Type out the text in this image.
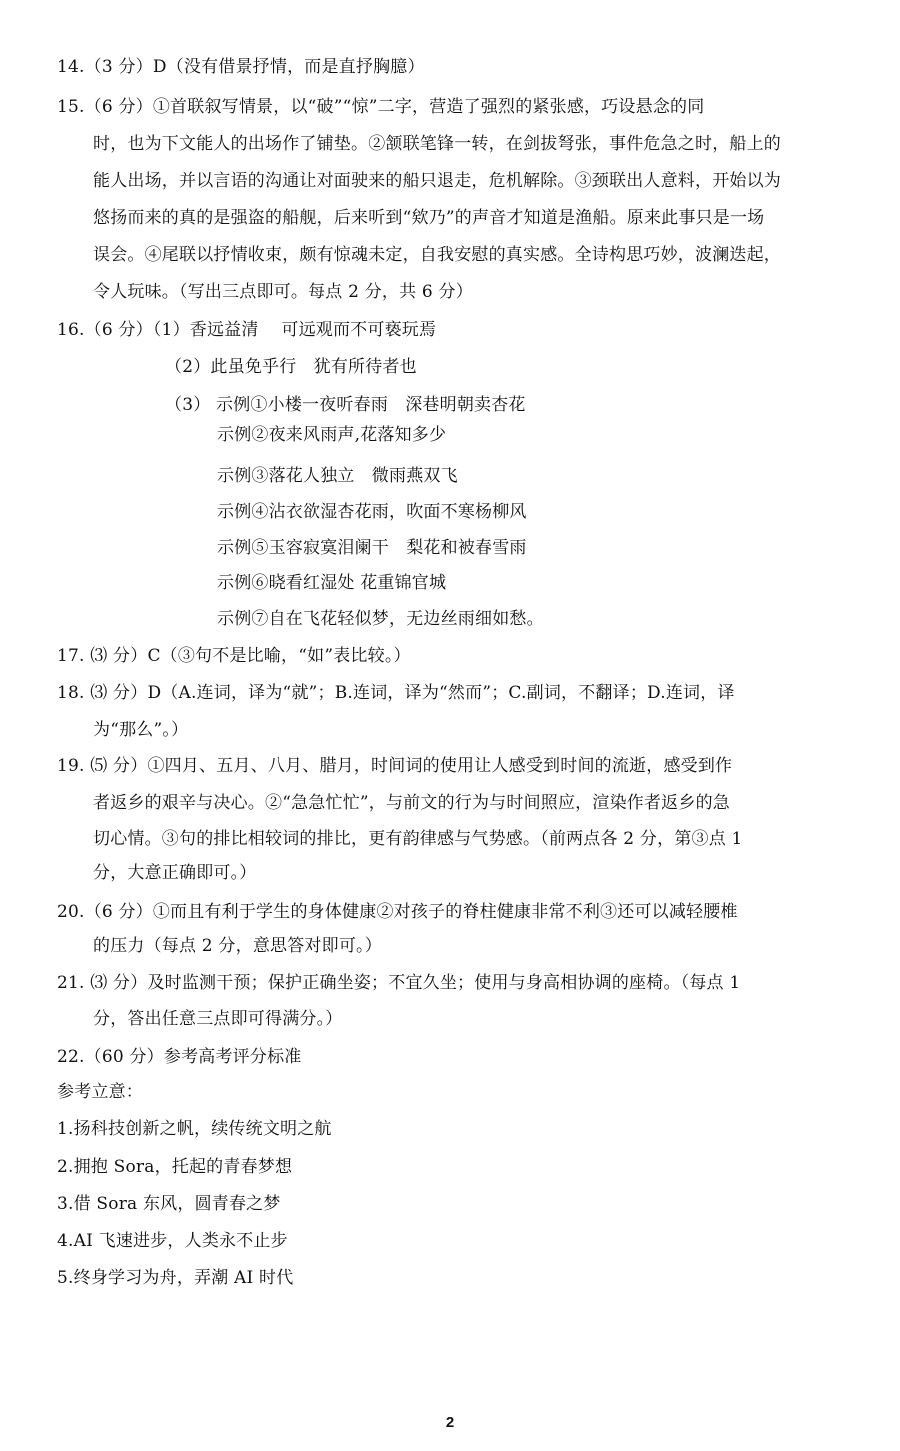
14.（3 分）D（没有借景抒情，而是直抒胸臆）
15.（6 分）①首联叙写情景，以“破”“惊”二字，营造了强烈的紧张感，巧设悬念的同
时，也为下文能人的出场作了铺垫。②颔联笔锋一转，在剑拔弩张，事件危急之时，船上的
能人出场，并以言语的沟通让对面驶来的船只退走，危机解除。③颈联出人意料，开始以为
悠扬而来的真的是强盗的船舰，后来听到“欸乃”的声音才知道是渔船。原来此事只是一场
误会。④尾联以抒情收束，颇有惊魂未定，自我安慰的真实感。全诗构思巧妙，波澜迭起，
令人玩味。（写出三点即可。每点 2 分，共 6 分）
16.（6 分）（1）香远益清　 可远观而不可亵玩焉
（2）此虽免乎行　犹有所待者也
（3） 示例①小楼一夜听春雨　深巷明朝卖杏花
示例②夜来风雨声,花落知多少
示例③落花人独立　微雨燕双飞
示例④沾衣欲湿杏花雨，吹面不寒杨柳风
示例⑤玉容寂寞泪阑干　梨花和被春雪雨
示例⑥晓看红湿处 花重锦官城
示例⑦自在飞花轻似梦，无边丝雨细如愁。
17. ⑶ 分）C（③句不是比喻，“如”表比较。）
18. ⑶ 分）D（A.连词，译为“就”；B.连词，译为“然而”；C.副词，不翻译；D.连词，译
为“那么”。）
19. ⑸ 分）①四月、五月、八月、腊月，时间词的使用让人感受到时间的流逝，感受到作
者返乡的艰辛与决心。②“急急忙忙”，与前文的行为与时间照应，渲染作者返乡的急
切心情。③句的排比相较词的排比，更有韵律感与气势感。（前两点各 2 分，第③点 1
分，大意正确即可。）
20.（6 分）①而且有利于学生的身体健康②对孩子的脊柱健康非常不利③还可以减轻腰椎
的压力（每点 2 分，意思答对即可。）
21. ⑶ 分）及时监测干预；保护正确坐姿；不宜久坐；使用与身高相协调的座椅。（每点 1
分，答出任意三点即可得满分。）
22.（60 分）参考高考评分标准
参考立意：
1.扬科技创新之帆，续传统文明之航
2.拥抱 Sora，托起的青春梦想
3.借 Sora 东风，圆青春之梦
4.AI 飞速进步，人类永不止步
5.终身学习为舟，弄潮 AI 时代
2
